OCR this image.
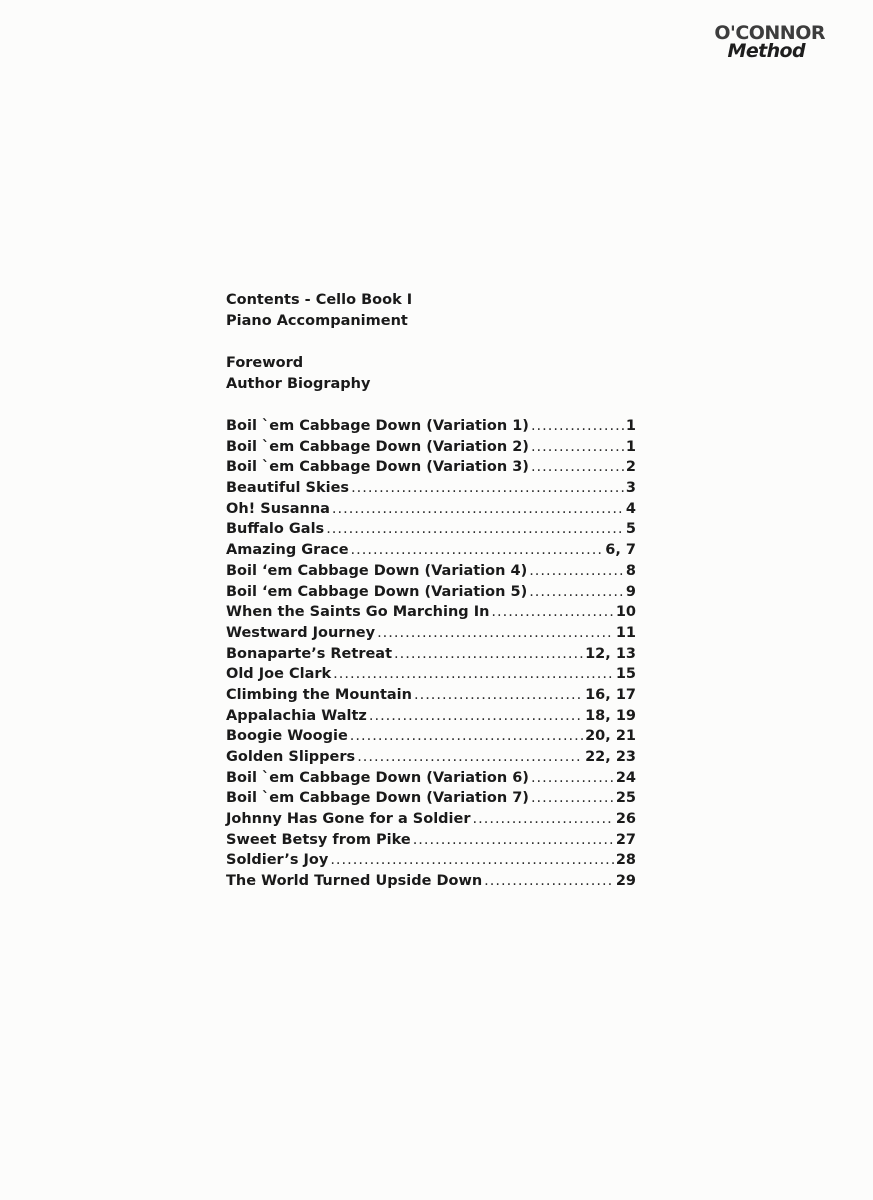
O'CONNOR
Method
Contents - Cello Book I
Piano Accompaniment
Foreword
Author Biography
Boil `em Cabbage Down (Variation 1) .....	1
Boil `em Cabbage Down (Variation 2) .....	1
Boil `em Cabbage Down (Variation 3) .....	2
Beautiful Skies .....	3
Oh! Susanna .....	4
Buffalo Gals .....	5
Amazing Grace .....	6, 7
Boil ‘em Cabbage Down (Variation 4) .....	8
Boil ‘em Cabbage Down (Variation 5) .....	9
When the Saints Go Marching In .....	10
Westward Journey .....	11
Bonaparte’s Retreat .....	12, 13
Old Joe Clark .....	15
Climbing the Mountain .....	16, 17
Appalachia Waltz .....	18, 19
Boogie Woogie .....	20, 21
Golden Slippers .....	22, 23
Boil `em Cabbage Down (Variation 6) .....	24
Boil `em Cabbage Down (Variation 7) .....	25
Johnny Has Gone for a Soldier .....	26
Sweet Betsy from Pike .....	27
Soldier’s Joy .....	28
The World Turned Upside Down .....	29
